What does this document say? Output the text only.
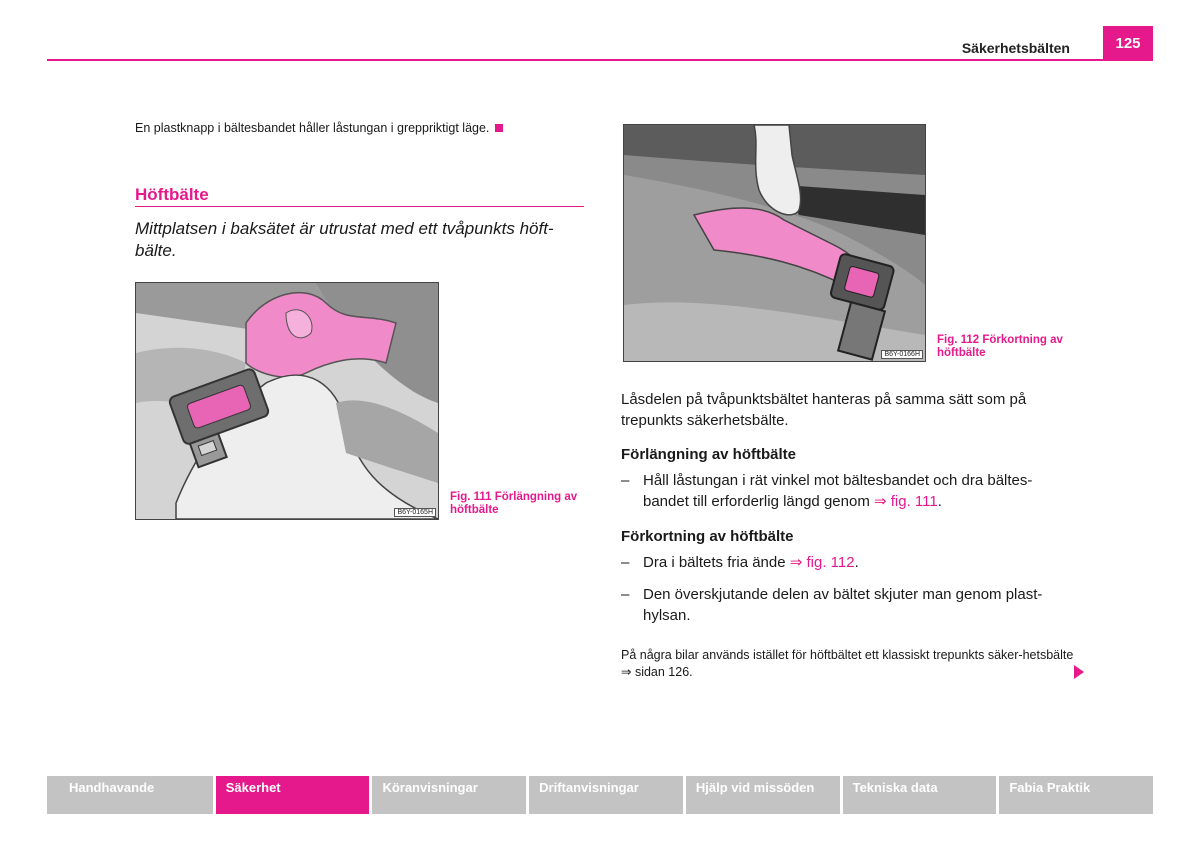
Säkerhetsbälten	125
En plastknapp i bältesbandet håller låstungan i greppriktigt läge.
Höftbälte
Mittplatsen i baksätet är utrustat med ett tvåpunkts höft-bälte.
B6Y-0165H
Fig. 111 Förlängning av höftbälte
B6Y-0166H
Fig. 112 Förkortning av höftbälte
Låsdelen på tvåpunktsbältet hanteras på samma sätt som på trepunkts säkerhetsbälte.
Förlängning av höftbälte
– Håll låstungan i rät vinkel mot bältesbandet och dra bältes-bandet till erforderlig längd genom ⇒ fig. 111.
Förkortning av höftbälte
– Dra i bältets fria ände ⇒ fig. 112.
– Den överskjutande delen av bältet skjuter man genom plast-hylsan.
På några bilar används istället för höftbältet ett klassiskt trepunkts säker-hetsbälte ⇒ sidan 126.
Handhavande	Säkerhet	Köranvisningar	Driftanvisningar	Hjälp vid missöden	Tekniska data	Fabia Praktik
